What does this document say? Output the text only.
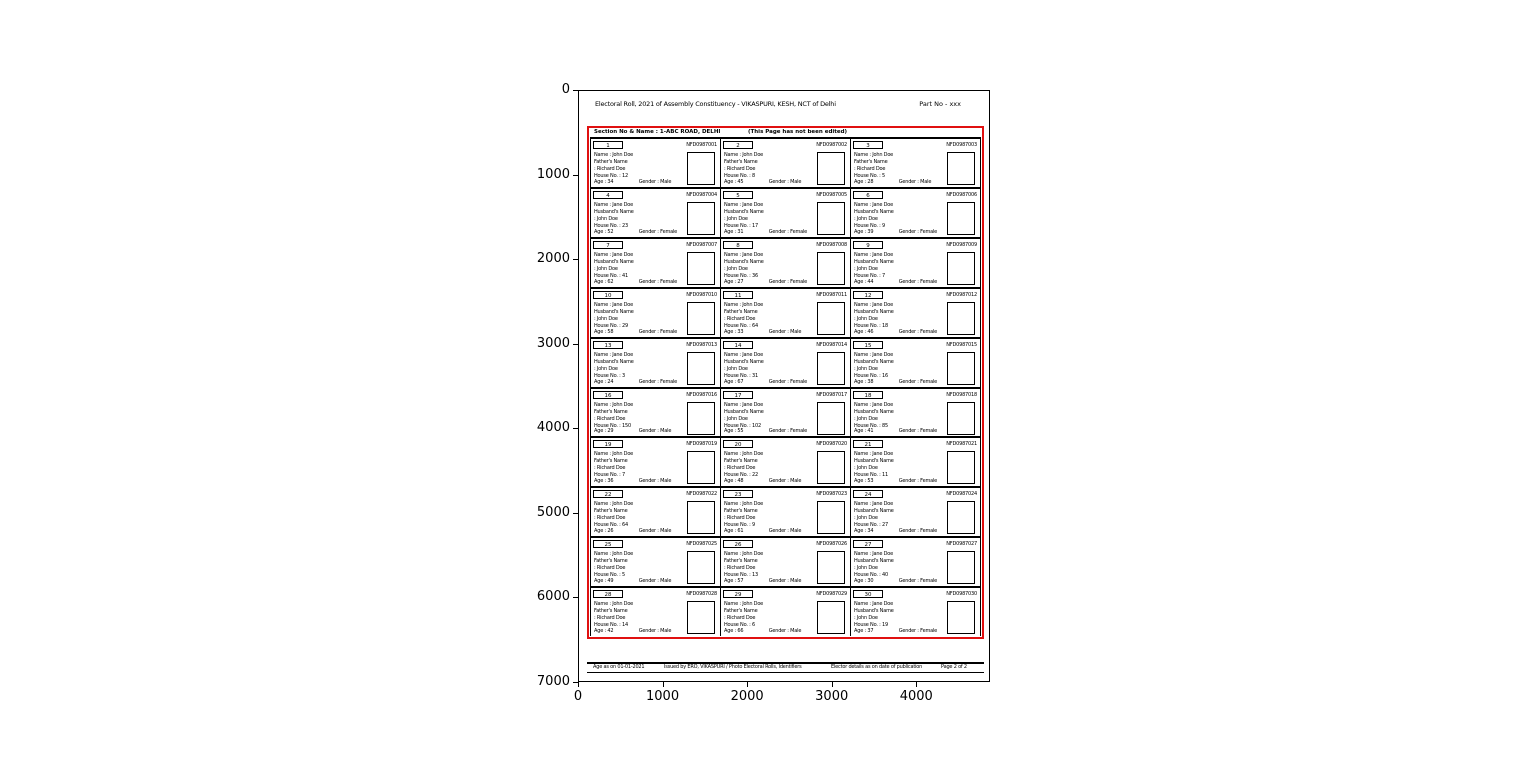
0
1000
2000
3000
4000
5000
6000
7000
0	1000	2000	3000	4000
Electoral Roll, 2021 of Assembly Constituency - VIKASPURI, KESH, NCT of Delhi	Part No - xxx
Section No & Name : 1-ABC ROAD, DELHI	(This Page has not been edited)
1	NFD0987001
Name : John Doe
Father's Name
: Richard Doe
House No. : 12
Age : 34	Gender : Male
2	NFD0987002
Name : John Doe
Father's Name
: Richard Doe
House No. : 8
Age : 45	Gender : Male
3	NFD0987003
Name : John Doe
Father's Name
: Richard Doe
House No. : 5
Age : 28	Gender : Male
4	NFD0987004
Name : Jane Doe
Husband's Name
: John Doe
House No. : 23
Age : 52	Gender : Female
5	NFD0987005
Name : Jane Doe
Husband's Name
: John Doe
House No. : 17
Age : 31	Gender : Female
6	NFD0987006
Name : Jane Doe
Husband's Name
: John Doe
House No. : 9
Age : 39	Gender : Female
7	NFD0987007
Name : Jane Doe
Husband's Name
: John Doe
House No. : 41
Age : 62	Gender : Female
8	NFD0987008
Name : Jane Doe
Husband's Name
: John Doe
House No. : 36
Age : 27	Gender : Female
9	NFD0987009
Name : Jane Doe
Husband's Name
: John Doe
House No. : 7
Age : 44	Gender : Female
10	NFD0987010
Name : Jane Doe
Husband's Name
: John Doe
House No. : 29
Age : 58	Gender : Female
11	NFD0987011
Name : John Doe
Father's Name
: Richard Doe
House No. : 64
Age : 33	Gender : Male
12	NFD0987012
Name : Jane Doe
Husband's Name
: John Doe
House No. : 18
Age : 46	Gender : Female
13	NFD0987013
Name : Jane Doe
Husband's Name
: John Doe
House No. : 3
Age : 24	Gender : Female
14	NFD0987014
Name : Jane Doe
Husband's Name
: John Doe
House No. : 31
Age : 67	Gender : Female
15	NFD0987015
Name : Jane Doe
Husband's Name
: John Doe
House No. : 16
Age : 38	Gender : Female
16	NFD0987016
Name : John Doe
Father's Name
: Richard Doe
House No. : 150
Age : 29	Gender : Male
17	NFD0987017
Name : Jane Doe
Husband's Name
: John Doe
House No. : 102
Age : 55	Gender : Female
18	NFD0987018
Name : Jane Doe
Husband's Name
: John Doe
House No. : 85
Age : 41	Gender : Female
19	NFD0987019
Name : John Doe
Father's Name
: Richard Doe
House No. : 7
Age : 36	Gender : Male
20	NFD0987020
Name : John Doe
Father's Name
: Richard Doe
House No. : 22
Age : 48	Gender : Male
21	NFD0987021
Name : Jane Doe
Husband's Name
: John Doe
House No. : 11
Age : 53	Gender : Female
22	NFD0987022
Name : John Doe
Father's Name
: Richard Doe
House No. : 64
Age : 26	Gender : Male
23	NFD0987023
Name : John Doe
Father's Name
: Richard Doe
House No. : 9
Age : 61	Gender : Male
24	NFD0987024
Name : Jane Doe
Husband's Name
: John Doe
House No. : 27
Age : 34	Gender : Female
25	NFD0987025
Name : John Doe
Father's Name
: Richard Doe
House No. : 5
Age : 49	Gender : Male
26	NFD0987026
Name : John Doe
Father's Name
: Richard Doe
House No. : 13
Age : 57	Gender : Male
27	NFD0987027
Name : Jane Doe
Husband's Name
: John Doe
House No. : 40
Age : 30	Gender : Female
28	NFD0987028
Name : John Doe
Father's Name
: Richard Doe
House No. : 14
Age : 42	Gender : Male
29	NFD0987029
Name : John Doe
Father's Name
: Richard Doe
House No. : 6
Age : 66	Gender : Male
30	NFD0987030
Name : Jane Doe
Husband's Name
: John Doe
House No. : 19
Age : 37	Gender : Female
Age as on 01-01-2021	Issued by ERO, VIKASPURI / Photo Electoral Rolls, Identifiers	Elector details as on date of publication	Page 2 of 2
